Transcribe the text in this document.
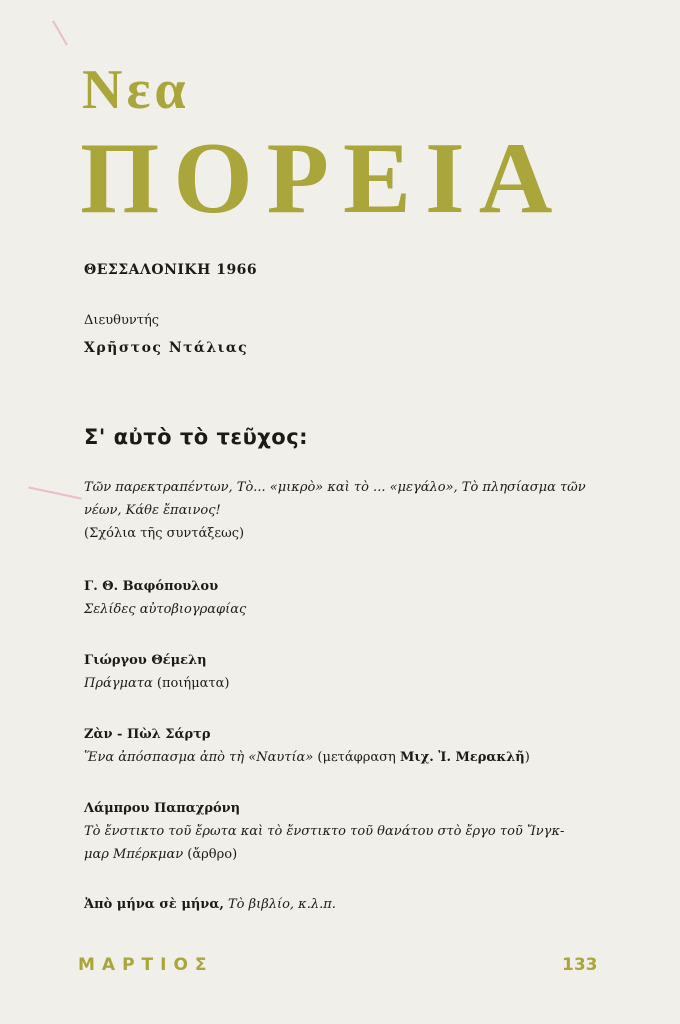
Νεα
ΠΟΡΕΙΑ
ΘΕΣΣΑΛΟΝΙΚΗ 1966
Διευθυντής
Χρῆστος Ντάλιας
Σ' αὐτὸ τὸ τεῦχος:
Τῶν παρεκτραπέντων, Τὸ... «μικρὸ» καὶ τὸ ... «μεγάλο», Τὸ πλησίασμα τῶν
νέων, Κάθε ἔπαινος!
(Σχόλια τῆς συντάξεως)
Γ. Θ. Βαφόπουλου
Σελίδες αὐτοβιογραφίας
Γιώργου Θέμελη
Πράγματα (ποιήματα)
Ζὰν - Πὼλ Σάρτρ
Ἕνα ἀπόσπασμα ἀπὸ τὴ «Ναυτία» (μετάφραση Μιχ. Ἰ. Μερακλῆ)
Λάμπρου Παπαχρόνη
Τὸ ἔνστικτο τοῦ ἔρωτα καὶ τὸ ἔνστικτο τοῦ θανάτου στὸ ἔργο τοῦ Ἴνγκ-
μαρ Μπέρκμαν (ἄρθρο)
Ἀπὸ μήνα σὲ μήνα, Τὸ βιβλίο, κ.λ.π.
ΜΑΡΤΙΟΣ	133
